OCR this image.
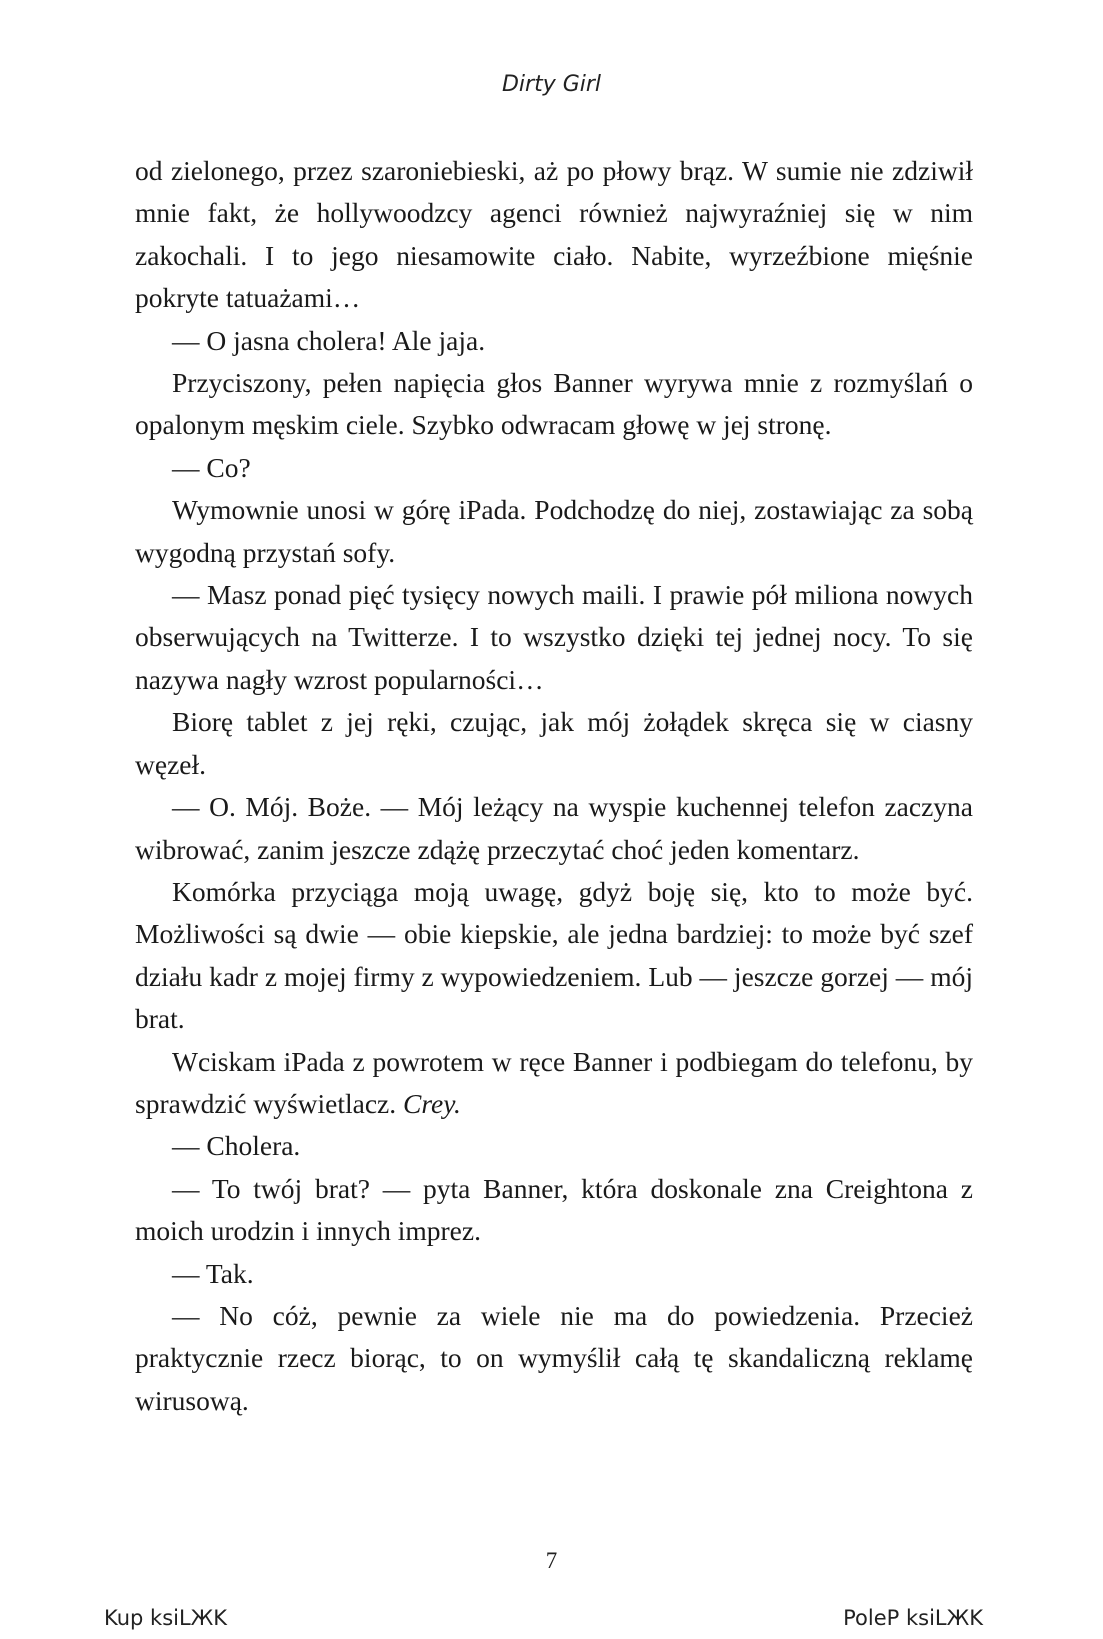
Dirty Girl

od zielonego, przez szaroniebieski, aż po płowy brąz. W sumie nie zdziwił mnie fakt, że hollywoodzcy agenci również najwyraźniej się w nim zakochali. I to jego niesamowite ciało. Nabite, wyrzeźbione mięśnie pokryte tatuażami…

— O jasna cholera! Ale jaja.

Przyciszony, pełen napięcia głos Banner wyrywa mnie z rozmyślań o opalonym męskim ciele. Szybko odwracam głowę w jej stronę.

— Co?

Wymownie unosi w górę iPada. Podchodzę do niej, zostawiając za sobą wygodną przystań sofy.

— Masz ponad pięć tysięcy nowych maili. I prawie pół miliona nowych obserwujących na Twitterze. I to wszystko dzięki tej jednej nocy. To się nazywa nagły wzrost popularności…

Biorę tablet z jej ręki, czując, jak mój żołądek skręca się w ciasny węzeł.

— O. Mój. Boże. — Mój leżący na wyspie kuchennej telefon zaczyna wibrować, zanim jeszcze zdążę przeczytać choć jeden komentarz.

Komórka przyciąga moją uwagę, gdyż boję się, kto to może być. Możliwości są dwie — obie kiepskie, ale jedna bardziej: to może być szef działu kadr z mojej firmy z wypowiedzeniem. Lub — jeszcze gorzej — mój brat.

Wciskam iPada z powrotem w ręce Banner i podbiegam do telefonu, by sprawdzić wyświetlacz. Crey.

— Cholera.

— To twój brat? — pyta Banner, która doskonale zna Creightona z moich urodzin i innych imprez.

— Tak.

— No cóż, pewnie za wiele nie ma do powiedzenia. Przecież praktycznie rzecz biorąc, to on wymyślił całą tę skandaliczną reklamę wirusową.

7
Kup ksiLЖK	PoleP ksiLЖK
